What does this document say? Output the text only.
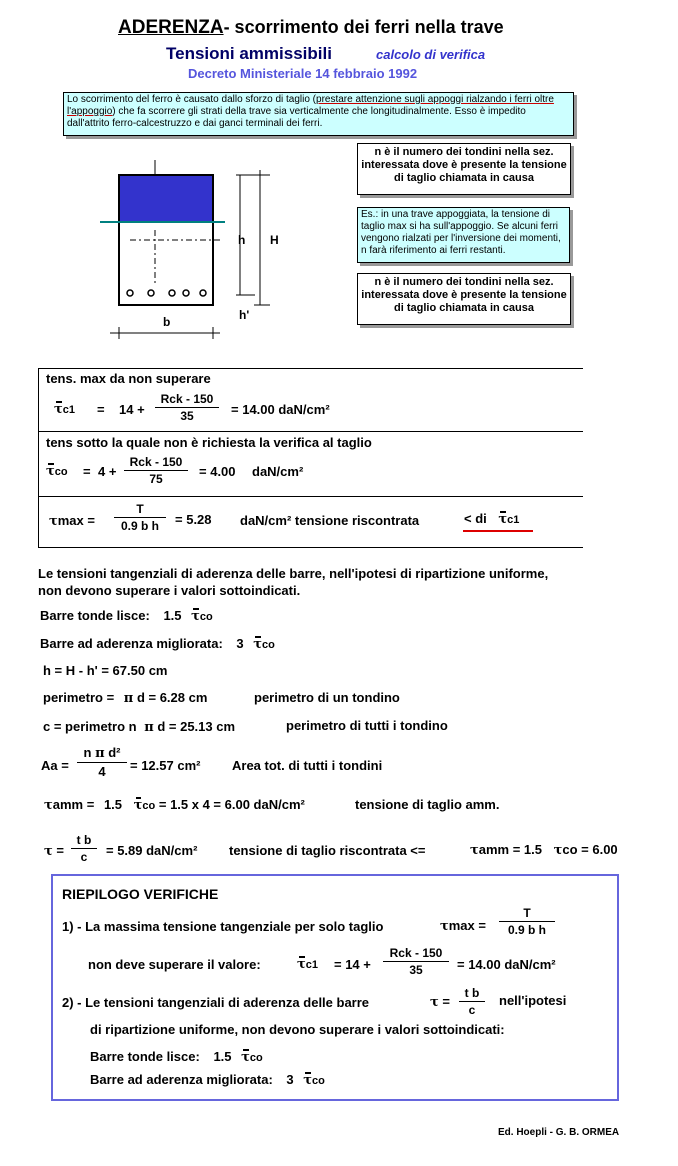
ADERENZA- scorrimento dei ferri nella trave
Tensioni ammissibili	calcolo di verifica
Decreto Ministeriale 14 febbraio 1992
Lo scorrimento del ferro è causato dallo sforzo di taglio (prestare attenzione sugli appoggi rialzando i ferri oltre l'appoggio) che fa scorrere gli strati della trave sia verticalmente che longitudinalmente. Esso è impedito dall'attrito ferro-calcestruzzo e dai ganci terminali dei ferri.
h H
h'
b
n è il numero dei tondini nella sez. interessata dove è presente la tensione di taglio chiamata in causa
Es.: in una trave appoggiata, la tensione di taglio max si ha sull'appoggio. Se alcuni ferri vengono rialzati per l'inversione dei momenti, n farà riferimento ai ferri restanti.
n è il numero dei tondini nella sez. interessata dove è presente la tensione di taglio chiamata in causa
tens. max da non superare
τc1 = 14 +
Rck - 150
35	= 14.00 daN/cm²
tens sotto la quale non è richiesta la verifica al taglio
τco = 4 +
Rck - 150
75	= 4.00 daN/cm²
$\tau\max = \frac{T}{\text{0.9 b h}} = 5.28$ daN/cm² tensione riscontrata	< di τc1
Le tensioni tangenziali di aderenza delle barre, nell'ipotesi di ripartizione uniforme,
non devono superare i valori sottoindicati.
Barre tonde lisce: 1.5 τco
Barre ad aderenza migliorata: 3 τco
h = H - h' = 67.50 cm
perimetro = π d = 6.28 cm	perimetro di un tondino
c = perimetro n π d = 25.13 cm	perimetro di tutti i tondino
$Aa = \frac{\text{n π d²}}{4} = 12.57$ cm² Area tot. di tutti i tondini
τamm = 1.5 τco = 1.5 x 4 = 6.00 daN/cm²	tensione di taglio amm.
$\tau = \frac{\text{t b}}{c} = 5.89$ daN/cm² tensione di taglio riscontrata <=	τamm = 1.5 τco = 6.00
RIEPILOGO VERIFICHE
1) - La massima tensione tangenziale per solo taglio	$\tau\max = \frac{T}{\text{0.9 b h}}$
non deve superare il valore:	τc1 = 14 +
Rck - 150
35	= 14.00 daN/cm²
2) - Le tensioni tangenziali di aderenza delle barre	$\tau = \frac{\text{t b}}{c}$ nell'ipotesi
di ripartizione uniforme, non devono superare i valori sottoindicati:
Barre tonde lisce: 1.5 τco
Barre ad aderenza migliorata: 3 τco
Ed. Hoepli - G. B. ORMEA
